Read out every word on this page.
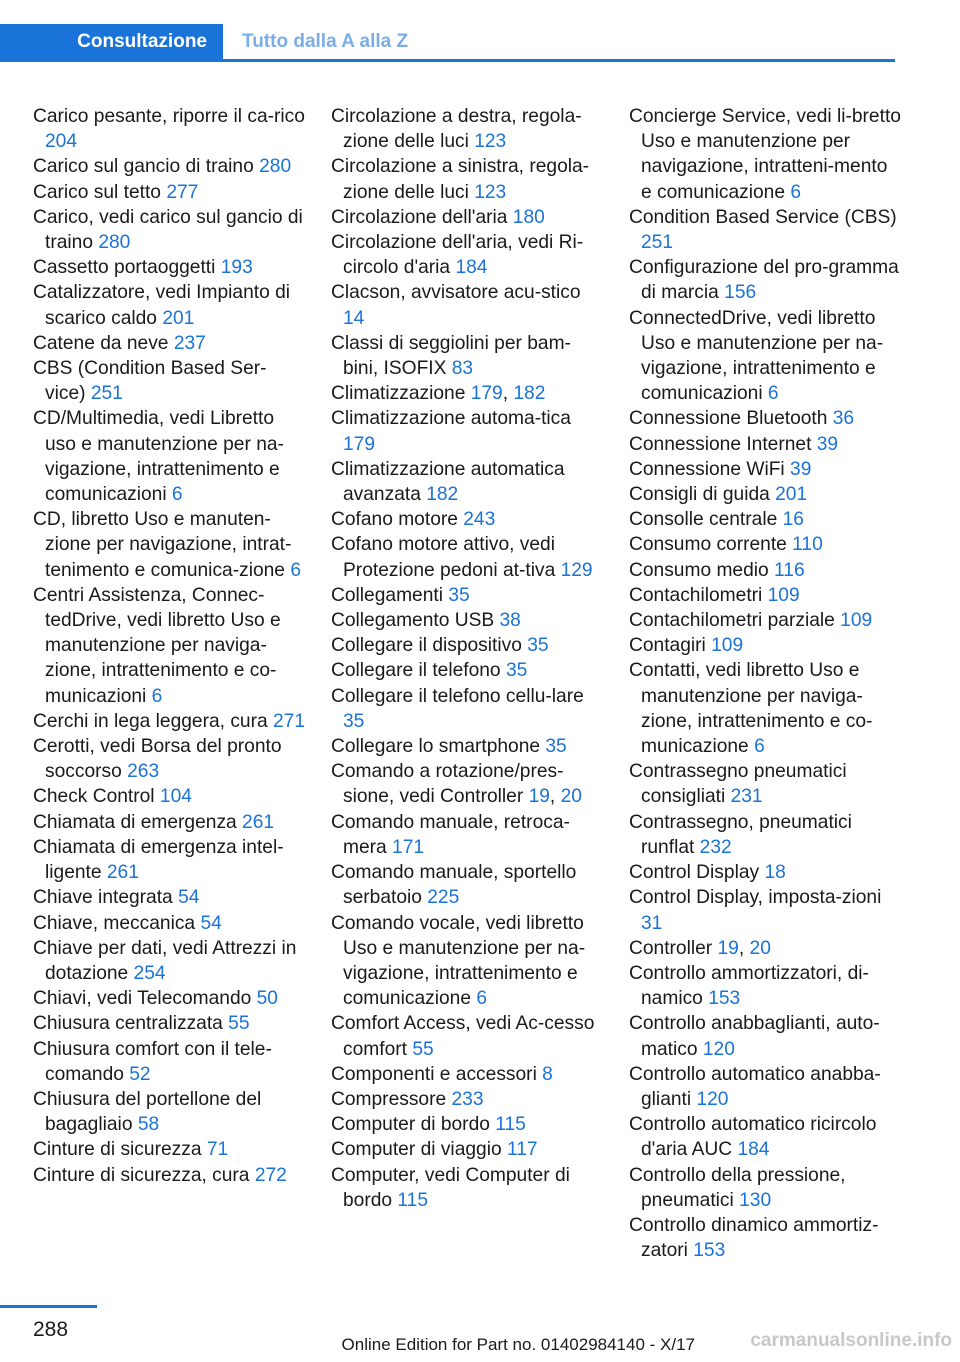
Consultazione	Tutto dalla A alla Z
Carico pesante, riporre il ca-rico 204
Carico sul gancio di traino 280
Carico sul tetto 277
Carico, vedi carico sul gancio di traino 280
Cassetto portaoggetti 193
Catalizzatore, vedi Impianto di scarico caldo 201
Catene da neve 237
CBS (Condition Based Ser-vice) 251
CD/Multimedia, vedi Libretto uso e manutenzione per na-vigazione, intrattenimento e comunicazioni 6
CD, libretto Uso e manuten-zione per navigazione, intrat-tenimento e comunica-zione 6
Centri Assistenza, Connec-tedDrive, vedi libretto Uso e manutenzione per naviga-zione, intrattenimento e co-municazioni 6
Cerchi in lega leggera, cura 271
Cerotti, vedi Borsa del pronto soccorso 263
Check Control 104
Chiamata di emergenza 261
Chiamata di emergenza intel-ligente 261
Chiave integrata 54
Chiave, meccanica 54
Chiave per dati, vedi Attrezzi in dotazione 254
Chiavi, vedi Telecomando 50
Chiusura centralizzata 55
Chiusura comfort con il tele-comando 52
Chiusura del portellone del bagagliaio 58
Cinture di sicurezza 71
Cinture di sicurezza, cura 272
Circolazione a destra, regola-zione delle luci 123
Circolazione a sinistra, regola-zione delle luci 123
Circolazione dell'aria 180
Circolazione dell'aria, vedi Ri-circolo d'aria 184
Clacson, avvisatore acu-stico 14
Classi di seggiolini per bam-bini, ISOFIX 83
Climatizzazione 179, 182
Climatizzazione automa-tica 179
Climatizzazione automatica avanzata 182
Cofano motore 243
Cofano motore attivo, vedi Protezione pedoni at-tiva 129
Collegamenti 35
Collegamento USB 38
Collegare il dispositivo 35
Collegare il telefono 35
Collegare il telefono cellu-lare 35
Collegare lo smartphone 35
Comando a rotazione/pres-sione, vedi Controller 19, 20
Comando manuale, retroca-mera 171
Comando manuale, sportello serbatoio 225
Comando vocale, vedi libretto Uso e manutenzione per na-vigazione, intrattenimento e comunicazione 6
Comfort Access, vedi Ac-cesso comfort 55
Componenti e accessori 8
Compressore 233
Computer di bordo 115
Computer di viaggio 117
Computer, vedi Computer di bordo 115
Concierge Service, vedi li-bretto Uso e manutenzione per navigazione, intratteni-mento e comunicazione 6
Condition Based Service (CBS) 251
Configurazione del pro-gramma di marcia 156
ConnectedDrive, vedi libretto Uso e manutenzione per na-vigazione, intrattenimento e comunicazioni 6
Connessione Bluetooth 36
Connessione Internet 39
Connessione WiFi 39
Consigli di guida 201
Consolle centrale 16
Consumo corrente 110
Consumo medio 116
Contachilometri 109
Contachilometri parziale 109
Contagiri 109
Contatti, vedi libretto Uso e manutenzione per naviga-zione, intrattenimento e co-municazione 6
Contrassegno pneumatici consigliati 231
Contrassegno, pneumatici runflat 232
Control Display 18
Control Display, imposta-zioni 31
Controller 19, 20
Controllo ammortizzatori, di-namico 153
Controllo anabbaglianti, auto-matico 120
Controllo automatico anabba-glianti 120
Controllo automatico ricircolo d'aria AUC 184
Controllo della pressione, pneumatici 130
Controllo dinamico ammortiz-zatori 153
288
Online Edition for Part no. 01402984140 - X/17	carmanualsonline.info
